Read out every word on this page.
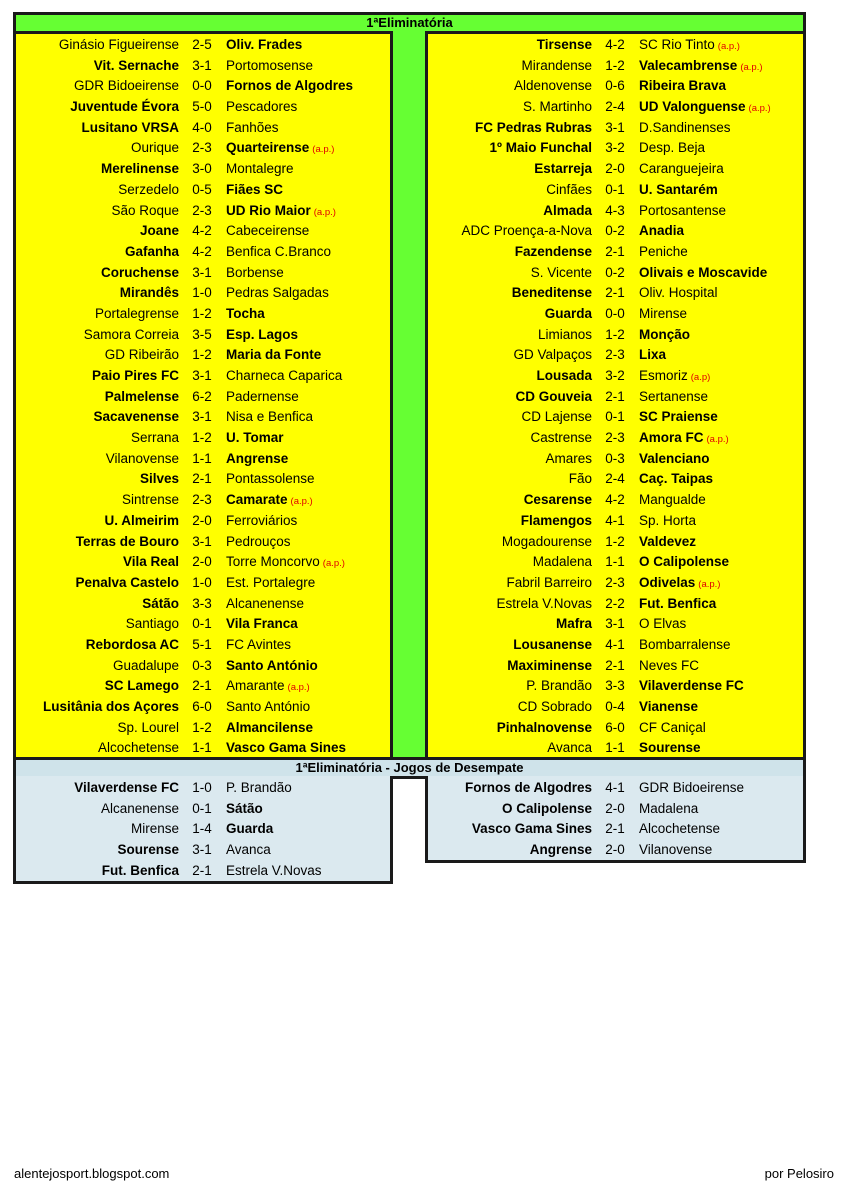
1ªEliminatória
Ginásio Figueirense 2-5	Oliv. Frades
Vit. Sernache 3-1	Portomosense
GDR Bidoeirense 0-0	Fornos de Algodres
Juventude Évora 5-0	Pescadores
Lusitano VRSA 4-0	Fanhões
Ourique 2-3	Quarteirense (a.p.)
Merelinense 3-0	Montalegre
Serzedelo 0-5	Fiães SC
São Roque 2-3	UD Rio Maior (a.p.)
Joane 4-2	Cabeceirense
Gafanha 4-2	Benfica C.Branco
Coruchense 3-1	Borbense
Mirandês 1-0	Pedras Salgadas
Portalegrense 1-2	Tocha
Samora Correia 3-5	Esp. Lagos
GD Ribeirão 1-2	Maria da Fonte
Paio Pires FC 3-1	Charneca Caparica
Palmelense 6-2	Padernense
Sacavenense 3-1	Nisa e Benfica
Serrana 1-2	U. Tomar
Vilanovense 1-1	Angrense
Silves 2-1	Pontassolense
Sintrense 2-3	Camarate (a.p.)
U. Almeirim 2-0	Ferroviários
Terras de Bouro 3-1	Pedrouços
Vila Real 2-0	Torre Moncorvo (a.p.)
Penalva Castelo 1-0	Est. Portalegre
Sátão 3-3	Alcanenense
Santiago 0-1	Vila Franca
Rebordosa AC 5-1	FC Avintes
Guadalupe 0-3	Santo António
SC Lamego 2-1	Amarante (a.p.)
Lusitânia dos Açores 6-0	Santo António
Sp. Lourel 1-2	Almancilense
Alcochetense 1-1	Vasco Gama Sines
Tirsense 4-2	SC Rio Tinto (a.p.)
Mirandense 1-2	Valecambrense (a.p.)
Aldenovense 0-6	Ribeira Brava
S. Martinho 2-4	UD Valonguense (a.p.)
FC Pedras Rubras 3-1	D.Sandinenses
1º Maio Funchal 3-2	Desp. Beja
Estarreja 2-0	Caranguejeira
Cinfães 0-1	U. Santarém
Almada 4-3	Portosantense
ADC Proença-a-Nova 0-2	Anadia
Fazendense 2-1	Peniche
S. Vicente 0-2	Olivais e Moscavide
Beneditense 2-1	Oliv. Hospital
Guarda 0-0	Mirense
Limianos 1-2	Monção
GD Valpaços 2-3	Lixa
Lousada 3-2	Esmoriz (a.p)
CD Gouveia 2-1	Sertanense
CD Lajense 0-1	SC Praiense
Castrense 2-3	Amora FC (a.p.)
Amares 0-3	Valenciano
Fão 2-4	Caç. Taipas
Cesarense 4-2	Mangualde
Flamengos 4-1	Sp. Horta
Mogadourense 1-2	Valdevez
Madalena 1-1	O Calipolense
Fabril Barreiro 2-3	Odivelas (a.p.)
Estrela V.Novas 2-2	Fut. Benfica
Mafra 3-1	O Elvas
Lousanense 4-1	Bombarralense
Maximinense 2-1	Neves FC
P. Brandão 3-3	Vilaverdense FC
CD Sobrado 0-4	Vianense
Pinhalnovense 6-0	CF Caniçal
Avanca 1-1	Sourense
1ªEliminatória - Jogos de Desempate
Vilaverdense FC 1-0	P. Brandão
Alcanenense 0-1	Sátão
Mirense 1-4	Guarda
Sourense 3-1	Avanca
Fut. Benfica 2-1	Estrela V.Novas
Fornos de Algodres 4-1	GDR Bidoeirense
O Calipolense 2-0	Madalena
Vasco Gama Sines 2-1	Alcochetense
Angrense 2-0	Vilanovense
alentejosport.blogspot.com	por Pelosiro
